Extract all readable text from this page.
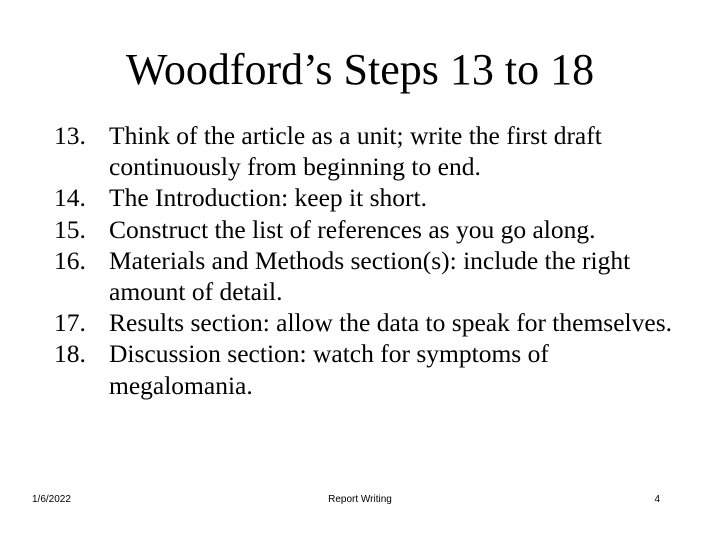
Woodford’s Steps 13 to 18
13. Think of the article as a unit; write the first draft continuously from beginning to end.
14. The Introduction: keep it short.
15. Construct the list of references as you go along.
16. Materials and Methods section(s): include the right amount of detail.
17. Results section: allow the data to speak for themselves.
18. Discussion section: watch for symptoms of megalomania.
1/6/2022	Report Writing	4
